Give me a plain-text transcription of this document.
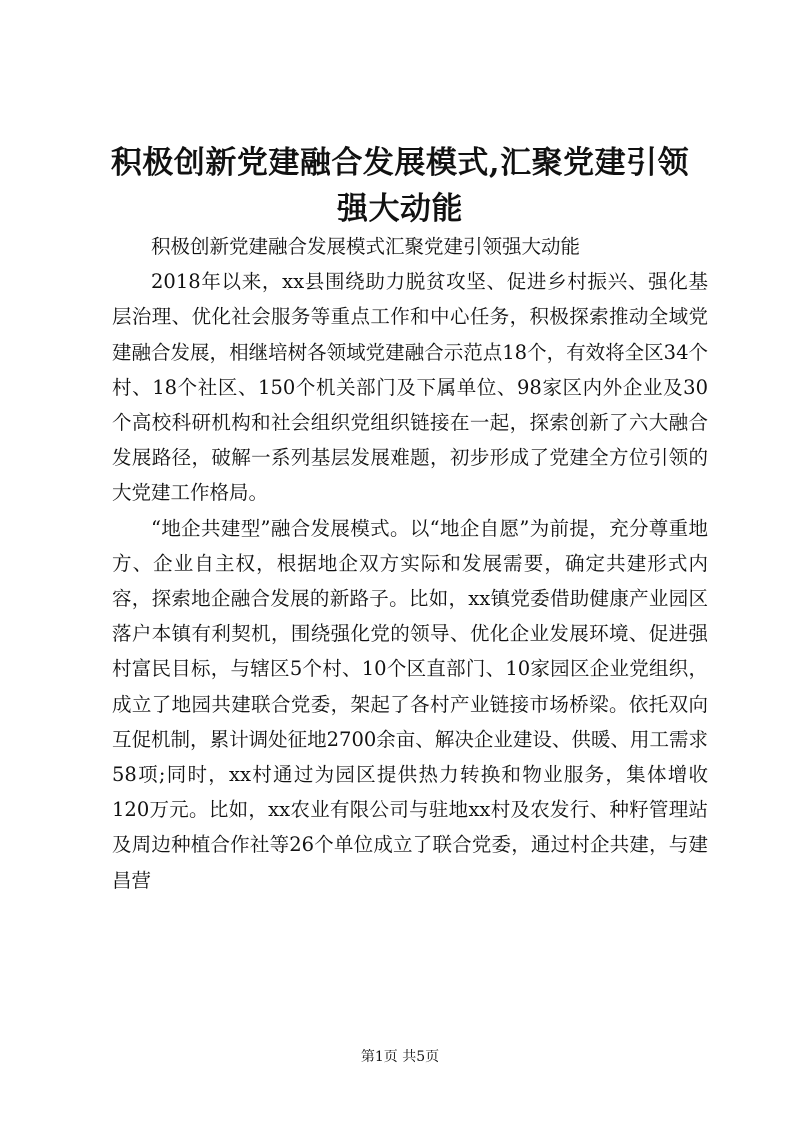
积极创新党建融合发展模式,汇聚党建引领强大动能

积极创新党建融合发展模式汇聚党建引领强大动能

2018年以来，xx县围绕助力脱贫攻坚、促进乡村振兴、强化基层治理、优化社会服务等重点工作和中心任务，积极探索推动全域党建融合发展，相继培树各领域党建融合示范点18个，有效将全区34个村、18个社区、150个机关部门及下属单位、98家区内外企业及30个高校科研机构和社会组织党组织链接在一起，探索创新了六大融合发展路径，破解一系列基层发展难题，初步形成了党建全方位引领的大党建工作格局。

“地企共建型”融合发展模式。以“地企自愿”为前提，充分尊重地方、企业自主权，根据地企双方实际和发展需要，确定共建形式内容，探索地企融合发展的新路子。比如，xx镇党委借助健康产业园区落户本镇有利契机，围绕强化党的领导、优化企业发展环境、促进强村富民目标，与辖区5个村、10个区直部门、10家园区企业党组织，成立了地园共建联合党委，架起了各村产业链接市场桥梁。依托双向互促机制，累计调处征地2700余亩、解决企业建设、供暖、用工需求58项;同时，xx村通过为园区提供热力转换和物业服务，集体增收120万元。比如，xx农业有限公司与驻地xx村及农发行、种籽管理站及周边种植合作社等26个单位成立了联合党委，通过村企共建，与建昌营

第1页 共5页
